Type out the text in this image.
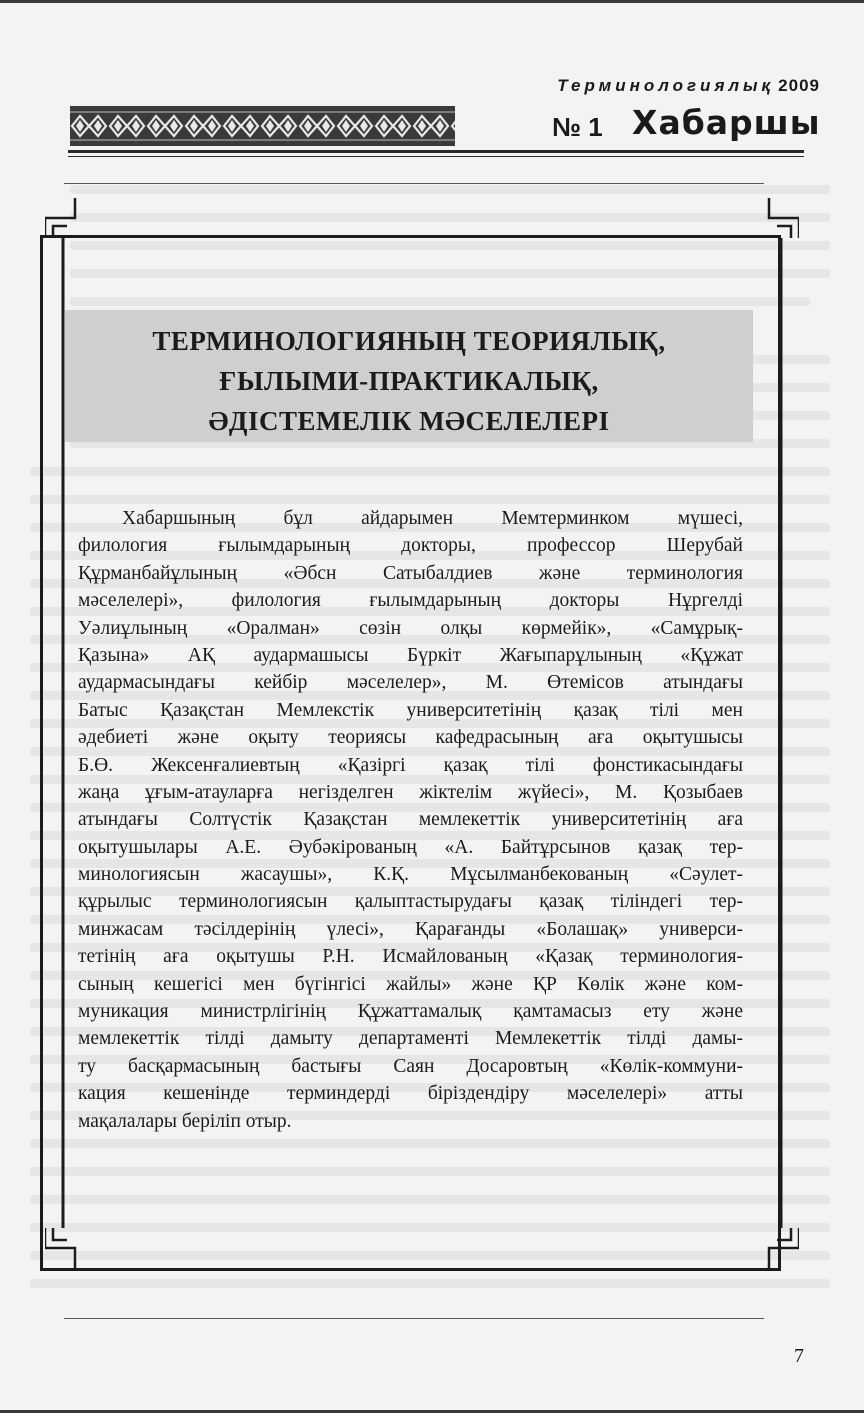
Терминологиялық 2009
№ 1 Хабаршы
ТЕРМИНОЛОГИЯНЫҢ ТЕОРИЯЛЫҚ,
ҒЫЛЫМИ-ПРАКТИКАЛЫҚ,
ӘДІСТЕМЕЛІК МӘСЕЛЕЛЕРІ
Хабаршының бұл айдарымен Мемтерминком мүшесі,
филология ғылымдарының докторы, профессор Шерубай
Құрманбайұлының «Әбсн Сатыбалдиев және терминология
мәселелері», филология ғылымдарының докторы Нұргелді
Уәлиұлының «Оралман» сөзін олқы көрмейік», «Самұрық-
Қазына» АҚ аудармашысы Бүркіт Жағыпарұлының «Құжат
аудармасындағы кейбір мәселелер», М. Өтемісов атындағы
Батыс Қазақстан Мемлекстік университетінің қазақ тілі мен
әдебиеті және оқыту теориясы кафедрасының аға оқытушысы
Б.Ө. Жексенғалиевтың «Қазіргі қазақ тілі фонстикасындағы
жаңа ұғым-атауларға негізделген жіктелім жүйесі», М. Қозыбаев
атындағы Солтүстік Қазақстан мемлекеттік университетінің аға
оқытушылары А.Е. Әубәкірованың «А. Байтұрсынов қазақ тер-
минологиясын жасаушы», К.Қ. Мұсылманбекованың «Сәулет-
құрылыс терминологиясын қалыптастырудағы қазақ тіліндегі тер-
минжасам тәсілдерінің үлесі», Қарағанды «Болашақ» универси-
тетінің аға оқытушы Р.Н. Исмайлованың «Қазақ терминология-
сының кешегісі мен бүгінгісі жайлы» және ҚР Көлік және ком-
муникация министрлігінің Құжаттамалық қамтамасыз ету және
мемлекеттік тілді дамыту департаменті Мемлекеттік тілді дамы-
ту басқармасының бастығы Саян Досаровтың «Көлік-коммуни-
кация кешенінде терминдерді біріздендіру мәселелері» атты
мақалалары беріліп отыр.
7
